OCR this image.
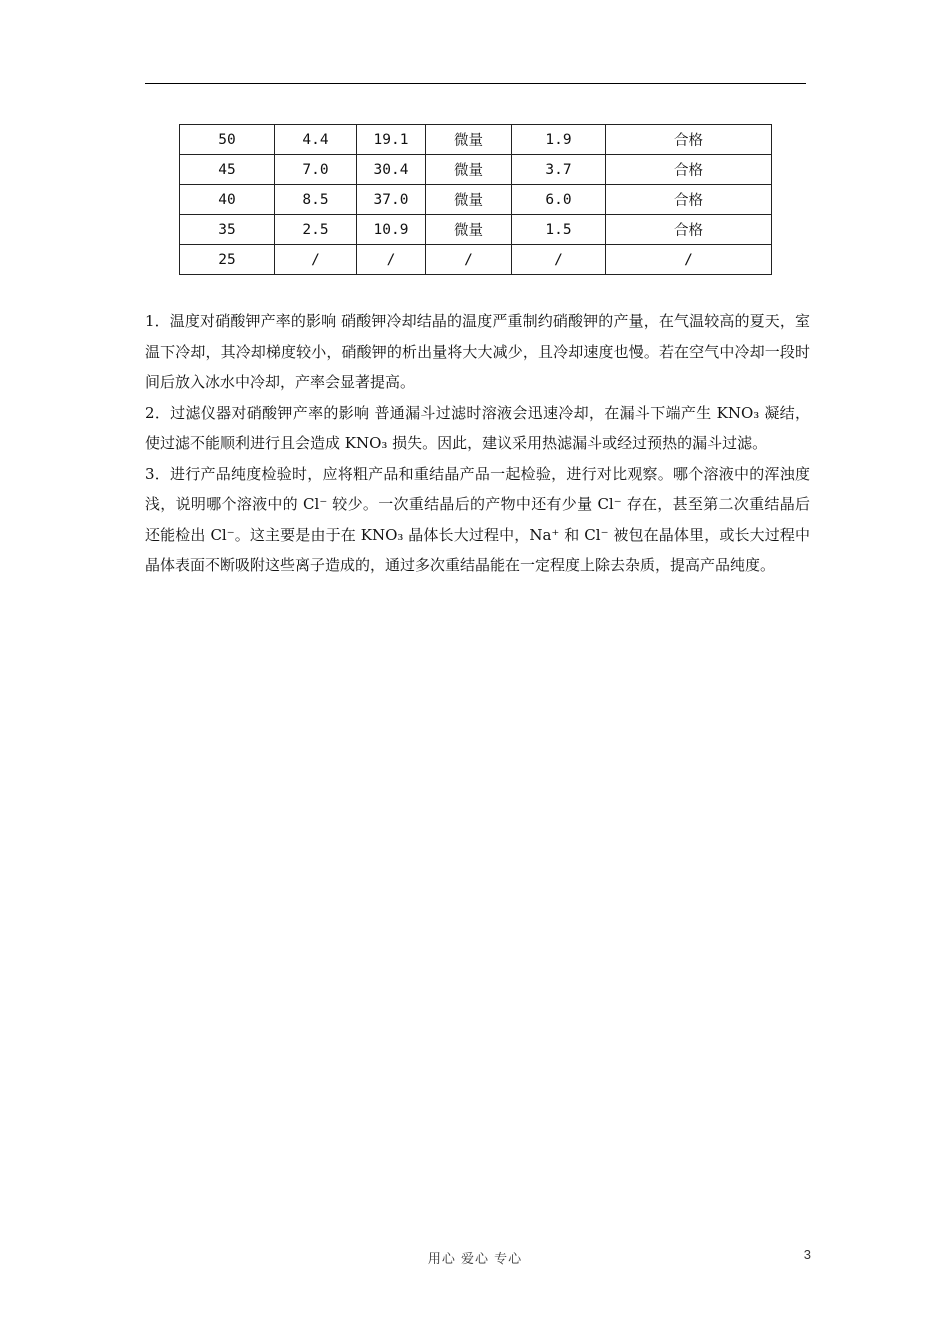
50	4.4	19.1	微量	1.9	合格
45	7.0	30.4	微量	3.7	合格
40	8.5	37.0	微量	6.0	合格
35	2.5	10.9	微量	1.5	合格
25	/	/	/	/	/

1．温度对硝酸钾产率的影响 硝酸钾冷却结晶的温度严重制约硝酸钾的产量，在气温较高的夏天，室温下冷却，其冷却梯度较小，硝酸钾的析出量将大大减少，且冷却速度也慢。若在空气中冷却一段时间后放入冰水中冷却，产率会显著提高。

2．过滤仪器对硝酸钾产率的影响 普通漏斗过滤时溶液会迅速冷却，在漏斗下端产生 KNO₃ 凝结，使过滤不能顺利进行且会造成 KNO₃ 损失。因此，建议采用热滤漏斗或经过预热的漏斗过滤。

3．进行产品纯度检验时，应将粗产品和重结晶产品一起检验，进行对比观察。哪个溶液中的浑浊度浅，说明哪个溶液中的 Cl⁻ 较少。一次重结晶后的产物中还有少量 Cl⁻ 存在，甚至第二次重结晶后还能检出 Cl⁻。这主要是由于在 KNO₃ 晶体长大过程中，Na⁺ 和 Cl⁻ 被包在晶体里，或长大过程中晶体表面不断吸附这些离子造成的，通过多次重结晶能在一定程度上除去杂质，提高产品纯度。

用心 爱心 专心	3
